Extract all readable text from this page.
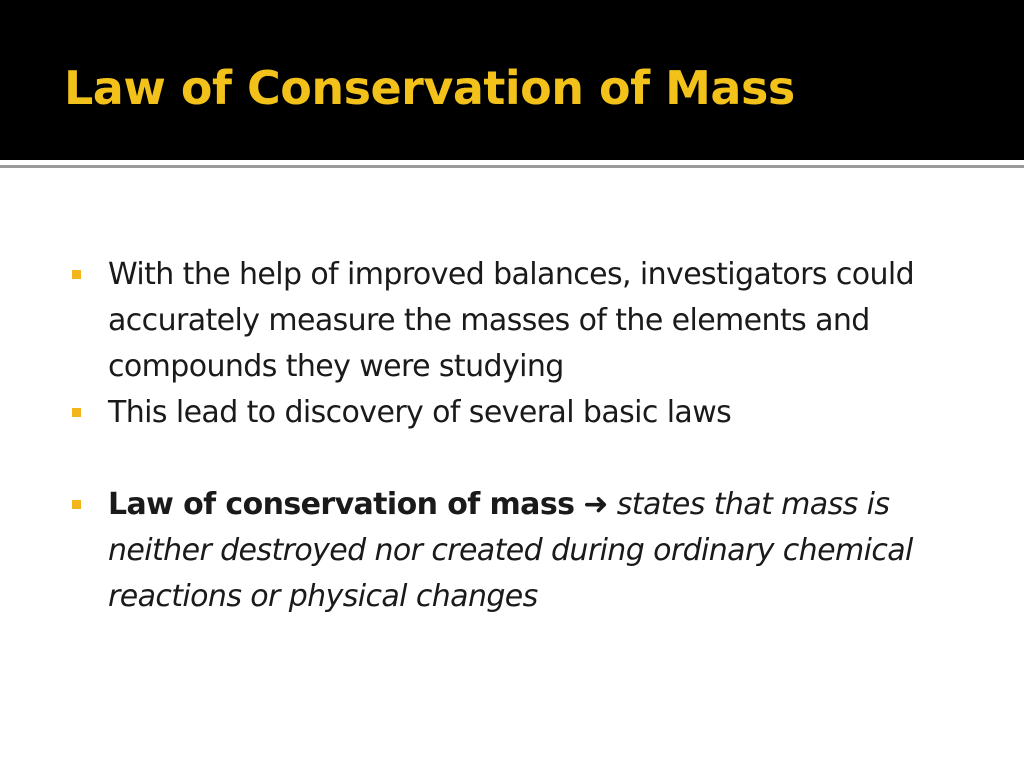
Law of Conservation of Mass
With the help of improved balances, investigators could accurately measure the masses of the elements and compounds they were studying
This lead to discovery of several basic laws
Law of conservation of mass ➜ states that mass is neither destroyed nor created during ordinary chemical reactions or physical changes
